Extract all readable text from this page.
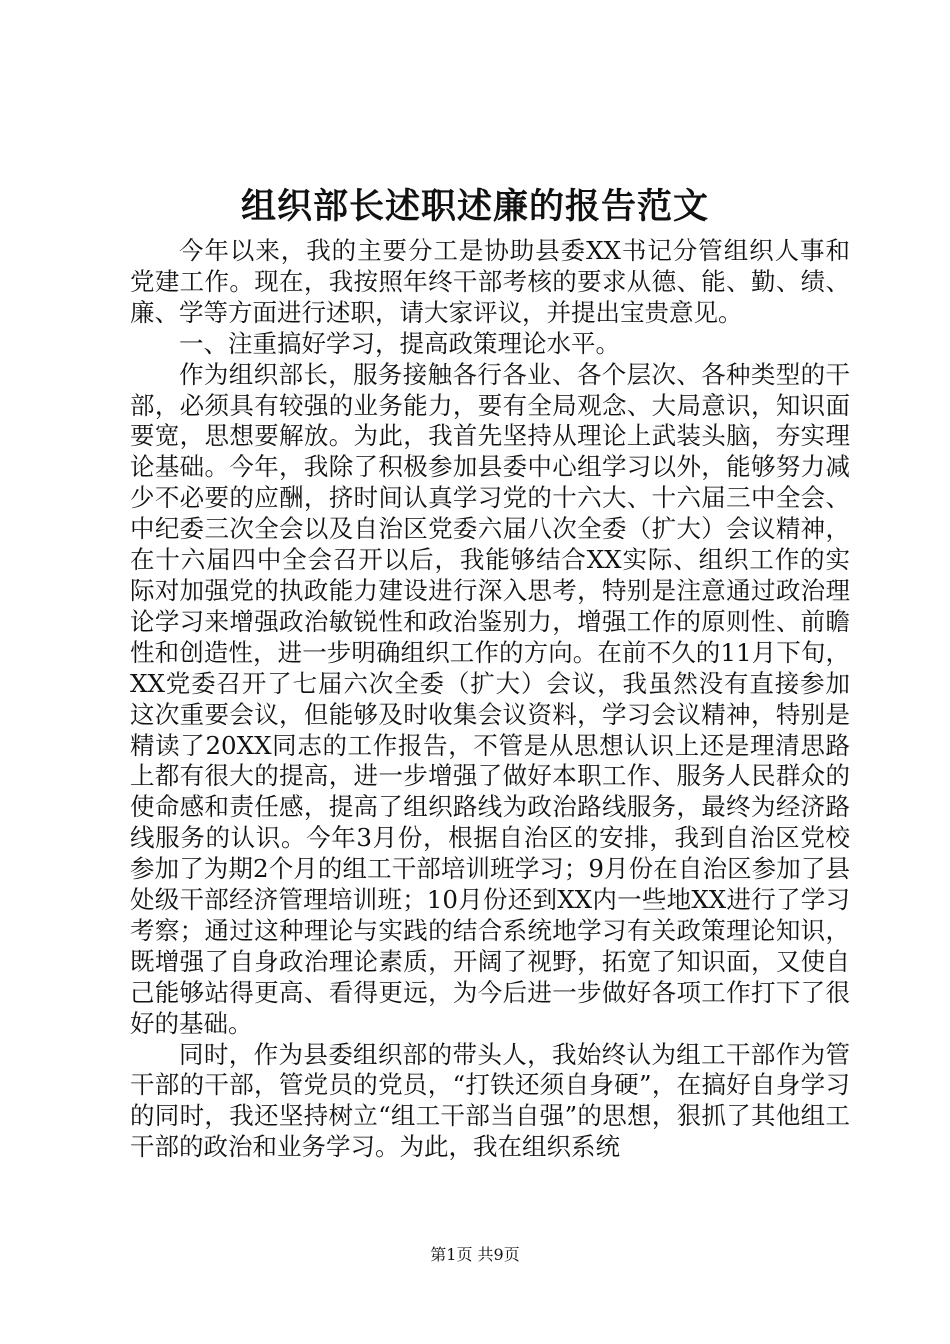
组织部长述职述廉的报告范文

今年以来，我的主要分工是协助县委XX书记分管组织人事和党建工作。现在，我按照年终干部考核的要求从德、能、勤、绩、廉、学等方面进行述职，请大家评议，并提出宝贵意见。

一、注重搞好学习，提高政策理论水平。

作为组织部长，服务接触各行各业、各个层次、各种类型的干部，必须具有较强的业务能力，要有全局观念、大局意识，知识面要宽，思想要解放。为此，我首先坚持从理论上武装头脑，夯实理论基础。今年，我除了积极参加县委中心组学习以外，能够努力减少不必要的应酬，挤时间认真学习党的十六大、十六届三中全会、中纪委三次全会以及自治区党委六届八次全委（扩大）会议精神，在十六届四中全会召开以后，我能够结合XX实际、组织工作的实际对加强党的执政能力建设进行深入思考，特别是注意通过政治理论学习来增强政治敏锐性和政治鉴别力，增强工作的原则性、前瞻性和创造性，进一步明确组织工作的方向。在前不久的11月下旬，XX党委召开了七届六次全委（扩大）会议，我虽然没有直接参加这次重要会议，但能够及时收集会议资料，学习会议精神，特别是精读了20XX同志的工作报告，不管是从思想认识上还是理清思路上都有很大的提高，进一步增强了做好本职工作、服务人民群众的使命感和责任感，提高了组织路线为政治路线服务，最终为经济路线服务的认识。今年3月份，根据自治区的安排，我到自治区党校参加了为期2个月的组工干部培训班学习；9月份在自治区参加了县处级干部经济管理培训班；10月份还到XX内一些地XX进行了学习考察；通过这种理论与实践的结合系统地学习有关政策理论知识，既增强了自身政治理论素质，开阔了视野，拓宽了知识面，又使自己能够站得更高、看得更远，为今后进一步做好各项工作打下了很好的基础。

同时，作为县委组织部的带头人，我始终认为组工干部作为管干部的干部，管党员的党员，“打铁还须自身硬”，在搞好自身学习的同时，我还坚持树立“组工干部当自强”的思想，狠抓了其他组工干部的政治和业务学习。为此，我在组织系统

第1页 共9页
